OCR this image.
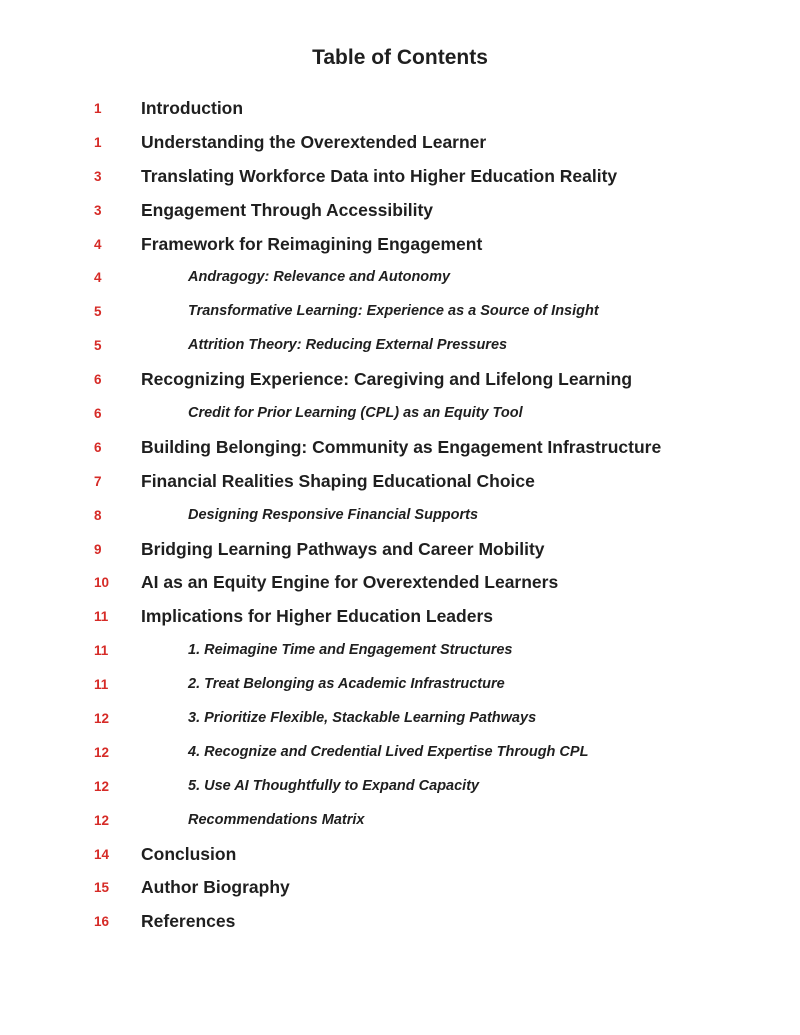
Table of Contents
1	Introduction
1	Understanding the Overextended Learner
3	Translating Workforce Data into Higher Education Reality
3	Engagement Through Accessibility
4	Framework for Reimagining Engagement
4	Andragogy: Relevance and Autonomy
5	Transformative Learning: Experience as a Source of Insight
5	Attrition Theory: Reducing External Pressures
6	Recognizing Experience: Caregiving and Lifelong Learning
6	Credit for Prior Learning (CPL) as an Equity Tool
6	Building Belonging: Community as Engagement Infrastructure
7	Financial Realities Shaping Educational Choice
8	Designing Responsive Financial Supports
9	Bridging Learning Pathways and Career Mobility
10	AI as an Equity Engine for Overextended Learners
11	Implications for Higher Education Leaders
11	1. Reimagine Time and Engagement Structures
11	2. Treat Belonging as Academic Infrastructure
12	3. Prioritize Flexible, Stackable Learning Pathways
12	4. Recognize and Credential Lived Expertise Through CPL
12	5. Use AI Thoughtfully to Expand Capacity
12	Recommendations Matrix
14	Conclusion
15	Author Biography
16	References
